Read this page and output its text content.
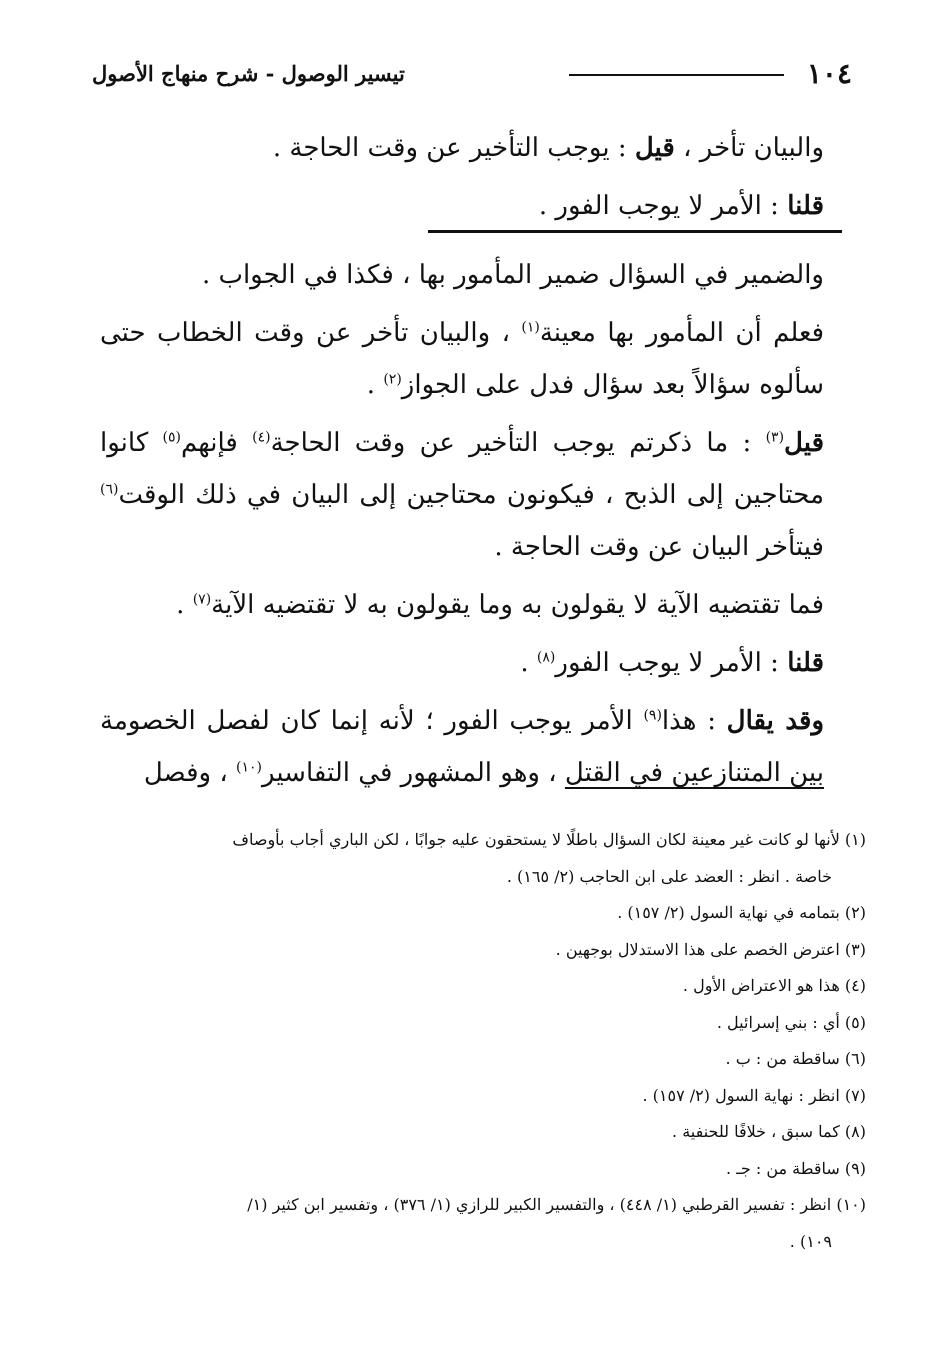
١٠٤
تيسير الوصول - شرح منهاج الأصول

والبيان تأخر ، قيل : يوجب التأخير عن وقت الحاجة .

قلنا : الأمر لا يوجب الفور .

والضمير في السؤال ضمير المأمور بها ، فكذا في الجواب .

فعلم أن المأمور بها معينة$^{(١)}$ ، والبيان تأخر عن وقت الخطاب حتى سألوه سؤالاً بعد سؤال فدل على الجواز$^{(٢)}$ .

قيل$^{(٣)}$ : ما ذكرتم يوجب التأخير عن وقت الحاجة$^{(٤)}$ فإنهم$^{(٥)}$ كانوا محتاجين إلى الذبح ، فيكونون محتاجين إلى البيان في ذلك الوقت$^{(٦)}$ فيتأخر البيان عن وقت الحاجة .

فما تقتضيه الآية لا يقولون به وما يقولون به لا تقتضيه الآية$^{(٧)}$ .

قلنا : الأمر لا يوجب الفور$^{(٨)}$ .

وقد يقال : هذا$^{(٩)}$ الأمر يوجب الفور ؛ لأنه إنما كان لفصل الخصومة بين المتنازعين في القتل ، وهو المشهور في التفاسير$^{(١٠)}$ ، وفصل

(١) لأنها لو كانت غير معينة لكان السؤال باطلًا لا يستحقون عليه جوابًا ، لكن الباري أجاب بأوصاف

خاصة . انظر : العضد على ابن الحاجب (٢/ ١٦٥) .

(٢) بتمامه في نهاية السول (٢/ ١٥٧) .

(٣) اعترض الخصم على هذا الاستدلال بوجهين .

(٤) هذا هو الاعتراض الأول .

(٥) أي : بني إسرائيل .

(٦) ساقطة من : ب .

(٧) انظر : نهاية السول (٢/ ١٥٧) .

(٨) كما سبق ، خلافًا للحنفية .

(٩) ساقطة من : جـ .

(١٠) انظر : تفسير القرطبي (١/ ٤٤٨) ، والتفسير الكبير للرازي (١/ ٣٧٦) ، وتفسير ابن كثير (١/

١٠٩) .
